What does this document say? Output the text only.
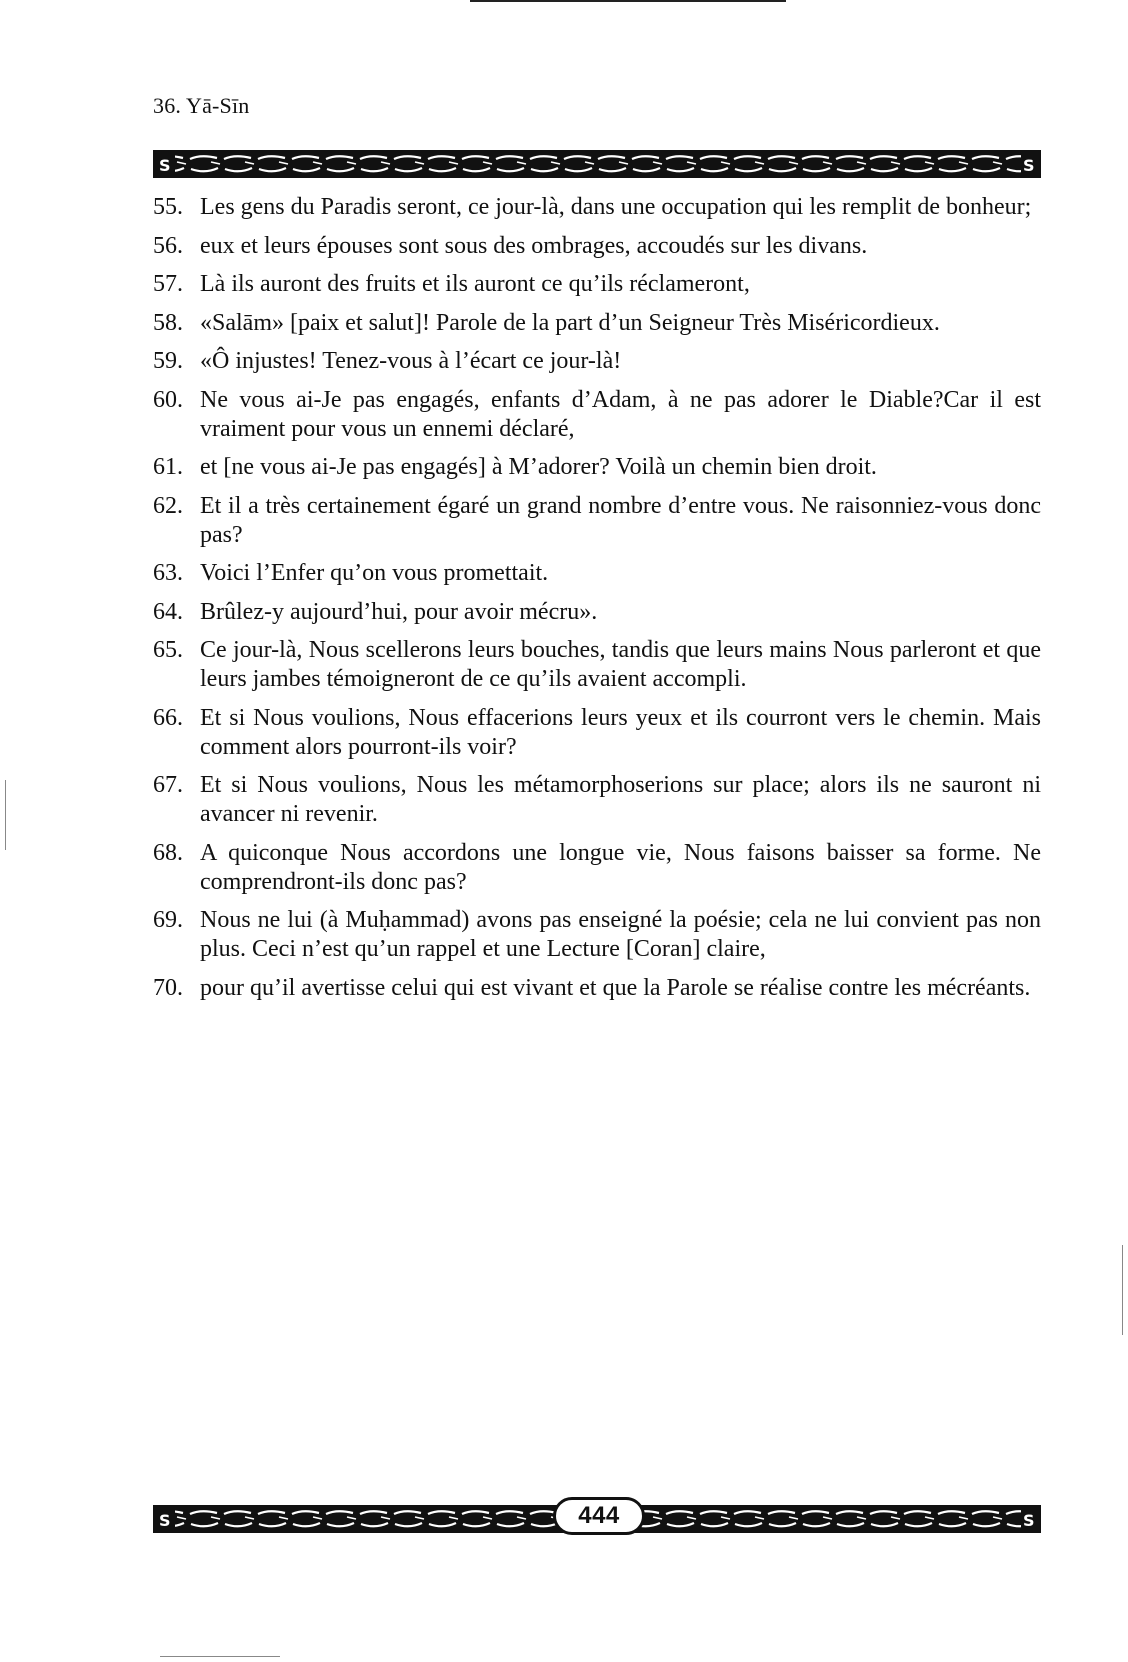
36. Yā-Sīn
S	S
55. Les gens du Paradis seront, ce jour-là, dans une occupation qui les remplit de bonheur;
56. eux et leurs épouses sont sous des ombrages, accoudés sur les divans.
57. Là ils auront des fruits et ils auront ce qu’ils réclameront,
58. «Salām» [paix et salut]! Parole de la part d’un Seigneur Très Miséricordieux.
59. «Ô injustes! Tenez-vous à l’écart ce jour-là!
60. Ne vous ai-Je pas engagés, enfants d’Adam, à ne pas adorer le Diable?Car il est vraiment pour vous un ennemi déclaré,
61. et [ne vous ai-Je pas engagés] à M’adorer? Voilà un chemin bien droit.
62. Et il a très certainement égaré un grand nombre d’entre vous. Ne raisonniez-vous donc pas?
63. Voici l’Enfer qu’on vous promettait.
64. Brûlez-y aujourd’hui, pour avoir mécru».
65. Ce jour-là, Nous scellerons leurs bouches, tandis que leurs mains Nous parleront et que leurs jambes témoigneront de ce qu’ils avaient accompli.
66. Et si Nous voulions, Nous effacerions leurs yeux et ils courront vers le chemin. Mais comment alors pourront-ils voir?
67. Et si Nous voulions, Nous les métamorphoserions sur place; alors ils ne sauront ni avancer ni revenir.
68. A quiconque Nous accordons une longue vie, Nous faisons baisser sa forme. Ne comprendront-ils donc pas?
69. Nous ne lui (à Muḥammad) avons pas enseigné la poésie; cela ne lui convient pas non plus. Ceci n’est qu’un rappel et une Lecture [Coran] claire,
70. pour qu’il avertisse celui qui est vivant et que la Parole se réalise contre les mécréants.
S	S
444
